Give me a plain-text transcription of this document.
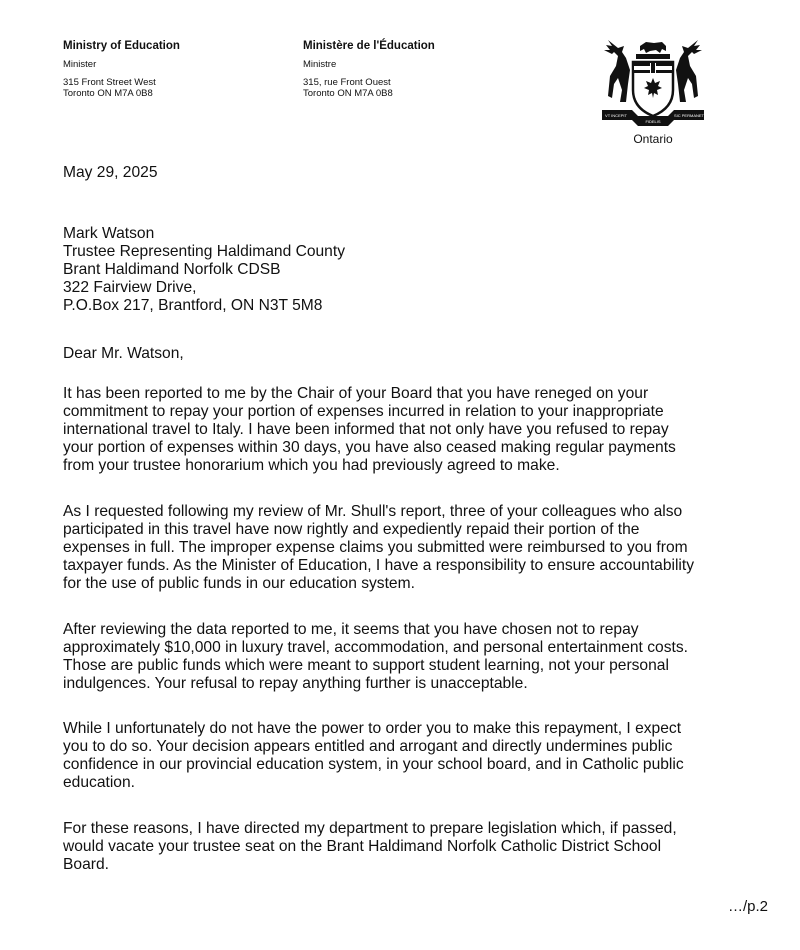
Ministry of Education

Minister

315 Front Street West
Toronto ON M7A 0B8

Ministère de l'Éducation

Ministre

315, rue Front Ouest
Toronto ON M7A 0B8
VT INCEPIT
FIDELIS
SIC PERMANET
Ontario
May 29, 2025
Mark Watson
Trustee Representing Haldimand County
Brant Haldimand Norfolk CDSB
322 Fairview Drive,
P.O.Box 217, Brantford, ON N3T 5M8
Dear Mr. Watson,
It has been reported to me by the Chair of your Board that you have reneged on your
commitment to repay your portion of expenses incurred in relation to your inappropriate
international travel to Italy. I have been informed that not only have you refused to repay
your portion of expenses within 30 days, you have also ceased making regular payments
from your trustee honorarium which you had previously agreed to make.
As I requested following my review of Mr. Shull's report, three of your colleagues who also
participated in this travel have now rightly and expediently repaid their portion of the
expenses in full. The improper expense claims you submitted were reimbursed to you from
taxpayer funds. As the Minister of Education, I have a responsibility to ensure accountability
for the use of public funds in our education system.
After reviewing the data reported to me, it seems that you have chosen not to repay
approximately $10,000 in luxury travel, accommodation, and personal entertainment costs.
Those are public funds which were meant to support student learning, not your personal
indulgences. Your refusal to repay anything further is unacceptable.
While I unfortunately do not have the power to order you to make this repayment, I expect
you to do so. Your decision appears entitled and arrogant and directly undermines public
confidence in our provincial education system, in your school board, and in Catholic public
education.
For these reasons, I have directed my department to prepare legislation which, if passed,
would vacate your trustee seat on the Brant Haldimand Norfolk Catholic District School
Board.
…/p.2
